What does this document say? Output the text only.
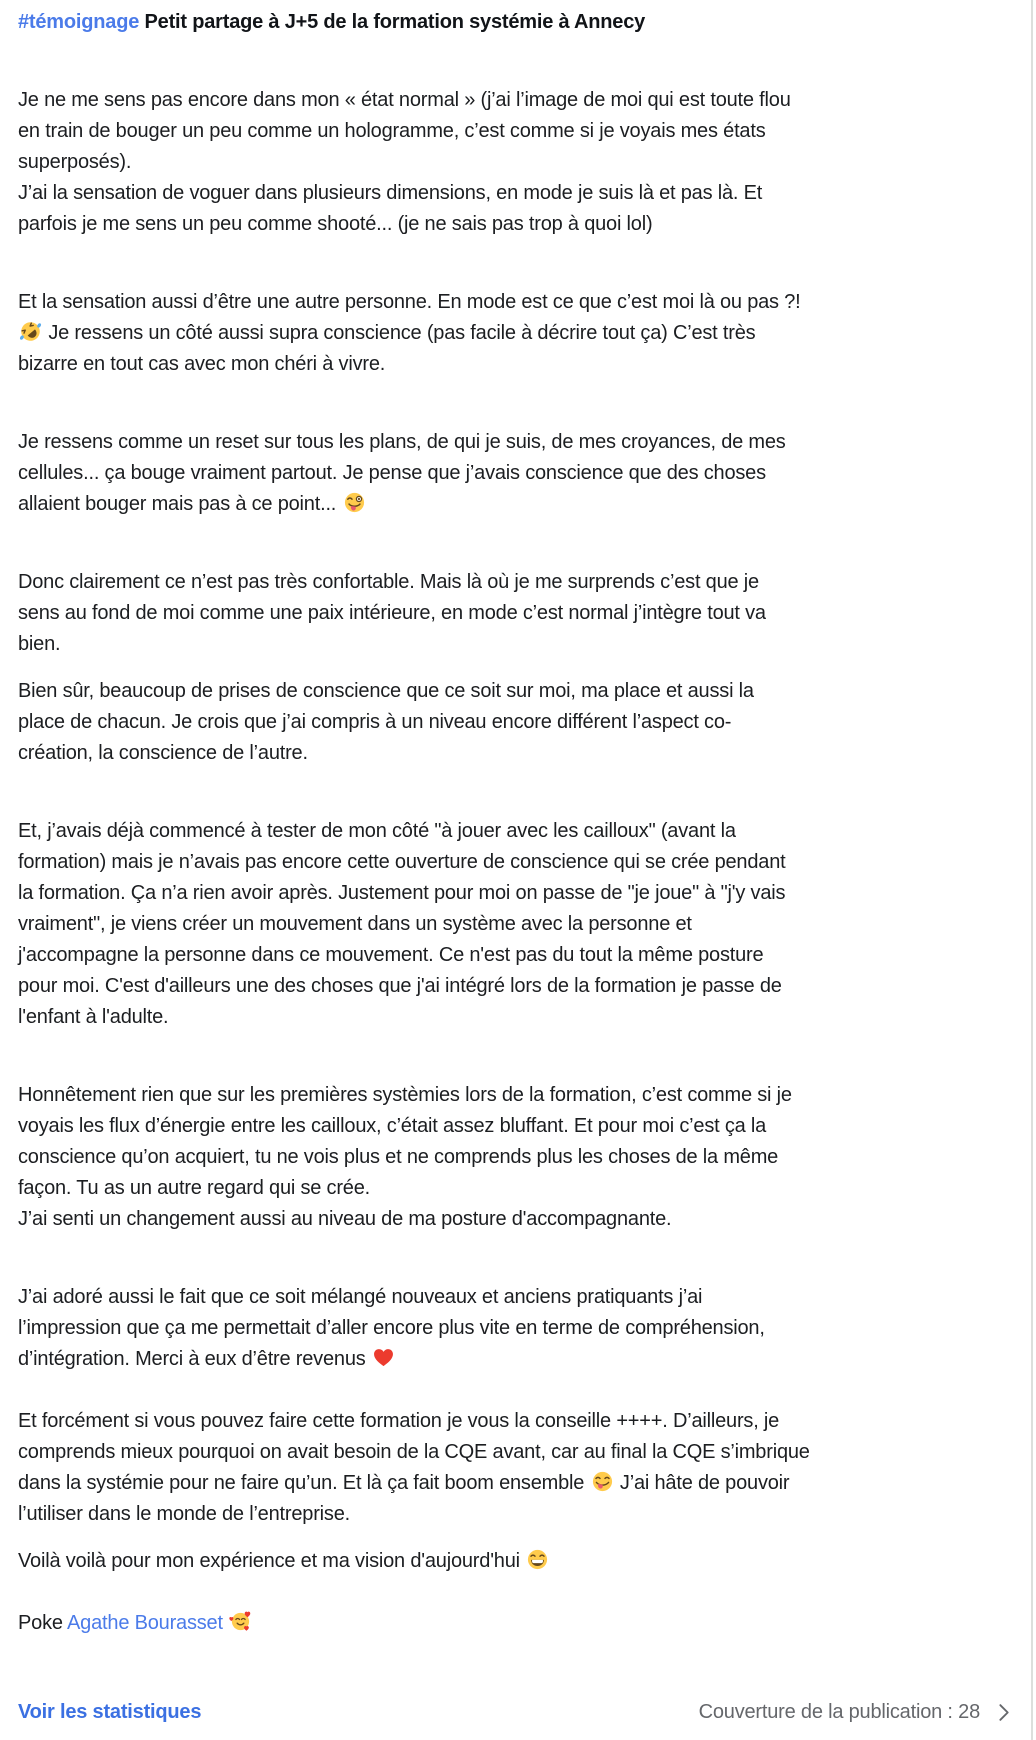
#témoignage Petit partage à J+5 de la formation systémie à Annecy
Je ne me sens pas encore dans mon « état normal » (j’ai l’image de moi qui est toute flou
en train de bouger un peu comme un hologramme, c’est comme si je voyais mes états
superposés).
J’ai la sensation de voguer dans plusieurs dimensions, en mode je suis là et pas là. Et
parfois je me sens un peu comme shooté... (je ne sais pas trop à quoi lol)
Et la sensation aussi d’être une autre personne. En mode est ce que c’est moi là ou pas ?!
Je ressens un côté aussi supra conscience (pas facile à décrire tout ça) C’est très
bizarre en tout cas avec mon chéri à vivre.
Je ressens comme un reset sur tous les plans, de qui je suis, de mes croyances, de mes
cellules... ça bouge vraiment partout. Je pense que j’avais conscience que des choses
allaient bouger mais pas à ce point...
Donc clairement ce n’est pas très confortable. Mais là où je me surprends c’est que je
sens au fond de moi comme une paix intérieure, en mode c’est normal j’intègre tout va
bien.
Bien sûr, beaucoup de prises de conscience que ce soit sur moi, ma place et aussi la
place de chacun. Je crois que j’ai compris à un niveau encore différent l’aspect co-
création, la conscience de l’autre.
Et, j’avais déjà commencé à tester de mon côté "à jouer avec les cailloux" (avant la
formation) mais je n’avais pas encore cette ouverture de conscience qui se crée pendant
la formation. Ça n’a rien avoir après. Justement pour moi on passe de "je joue" à "j'y vais
vraiment", je viens créer un mouvement dans un système avec la personne et
j'accompagne la personne dans ce mouvement. Ce n'est pas du tout la même posture
pour moi. C'est d'ailleurs une des choses que j'ai intégré lors de la formation je passe de
l'enfant à l'adulte.
Honnêtement rien que sur les premières systèmies lors de la formation, c’est comme si je
voyais les flux d’énergie entre les cailloux, c’était assez bluffant. Et pour moi c’est ça la
conscience qu’on acquiert, tu ne vois plus et ne comprends plus les choses de la même
façon. Tu as un autre regard qui se crée.
J’ai senti un changement aussi au niveau de ma posture d'accompagnante.
J’ai adoré aussi le fait que ce soit mélangé nouveaux et anciens pratiquants j’ai
l’impression que ça me permettait d’aller encore plus vite en terme de compréhension,
d’intégration. Merci à eux d’être revenus
Et forcément si vous pouvez faire cette formation je vous la conseille ++++. D’ailleurs, je
comprends mieux pourquoi on avait besoin de la CQE avant, car au final la CQE s’imbrique
dans la systémie pour ne faire qu’un. Et là ça fait boom ensemble  J’ai hâte de pouvoir
l’utiliser dans le monde de l’entreprise.
Voilà voilà pour mon expérience et ma vision d'aujourd'hui
Poke Agathe Bourasset
Voir les statistiques	Couverture de la publication : 28
